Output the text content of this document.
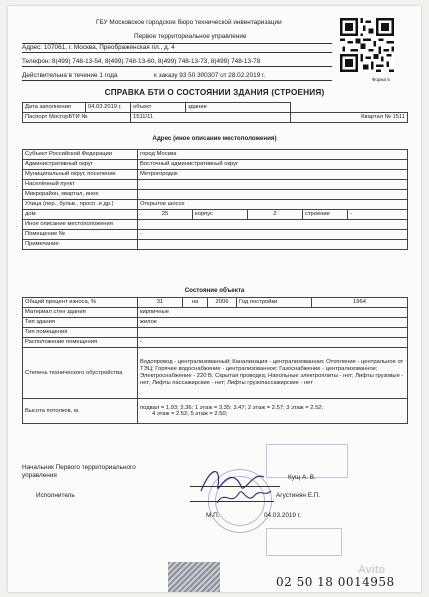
ГБУ Московское городское бюро технической инвентаризации
Первое территориальное управление
Адрес: 107061, г. Москва, Преображенская пл., д. 4
Телефон: 8(499) 748-13-54, 8(499) 748-13-60, 8(499) 748-13-73, 8(499) 748-13-78
Действительна в течение 1 года	к заказу 93 50 300307 от 28.02.2019 г.
Форма 5
СПРАВКА БТИ О СОСТОЯНИИ ЗДАНИЯ (СТРОЕНИЯ)
Дата заполнения	04.03.2019 г.	объект	здание	
Паспорт МосгорБТИ №		1511/11		Квартал № 1511
Адрес (иное описание местоположения)
Субъект Российской Федерации	город Москва				
Административный округ	Восточный административный округ				
Муниципальный округ, поселение	Метрогородок				
Населённый пункт					
Микрорайон, квартал, иное					
Улица (пер., бульв., просп. и др.)	Открытое шоссе				
дом	25	корпус	2	строение	-
Иное описание местоположения					
Помещение №	-				
Примечание:					
Состояние объекта
Общий процент износа, %	31	на	2006	Год постройки	1964
Материал стен здания	кирпичные				
Тип здания	жилое				
Тип помещения					
Расположение помещения	-				
Степень технического обустройства	Водопровод - централизованный; Канализация - централизованная; Отопление - центральное от ТЭЦ; Горячее водоснабжение - централизованное; Газоснабжение - централизованное; Электроснабжение - 220 В. Скрытая проводка; Напольные электроплиты - нет; Лифты грузовые - нет; Лифты пассажирские - нет; Лифты грузопассажирские - нет				
Высота потолков, м.	подвал = 1.93; 2.36; 1 этаж = 3.35; 3.47; 2 этаж = 2.57; 3 этаж = 2.52;
4 этаж = 2.52; 5 этаж = 2.50;				
Начальник Первого территориального управления	Кущ А. В.
Исполнитель	Агустинян Е.П.
М.П.	04.03.2019 г.
02 50 18 0014958
Avito
